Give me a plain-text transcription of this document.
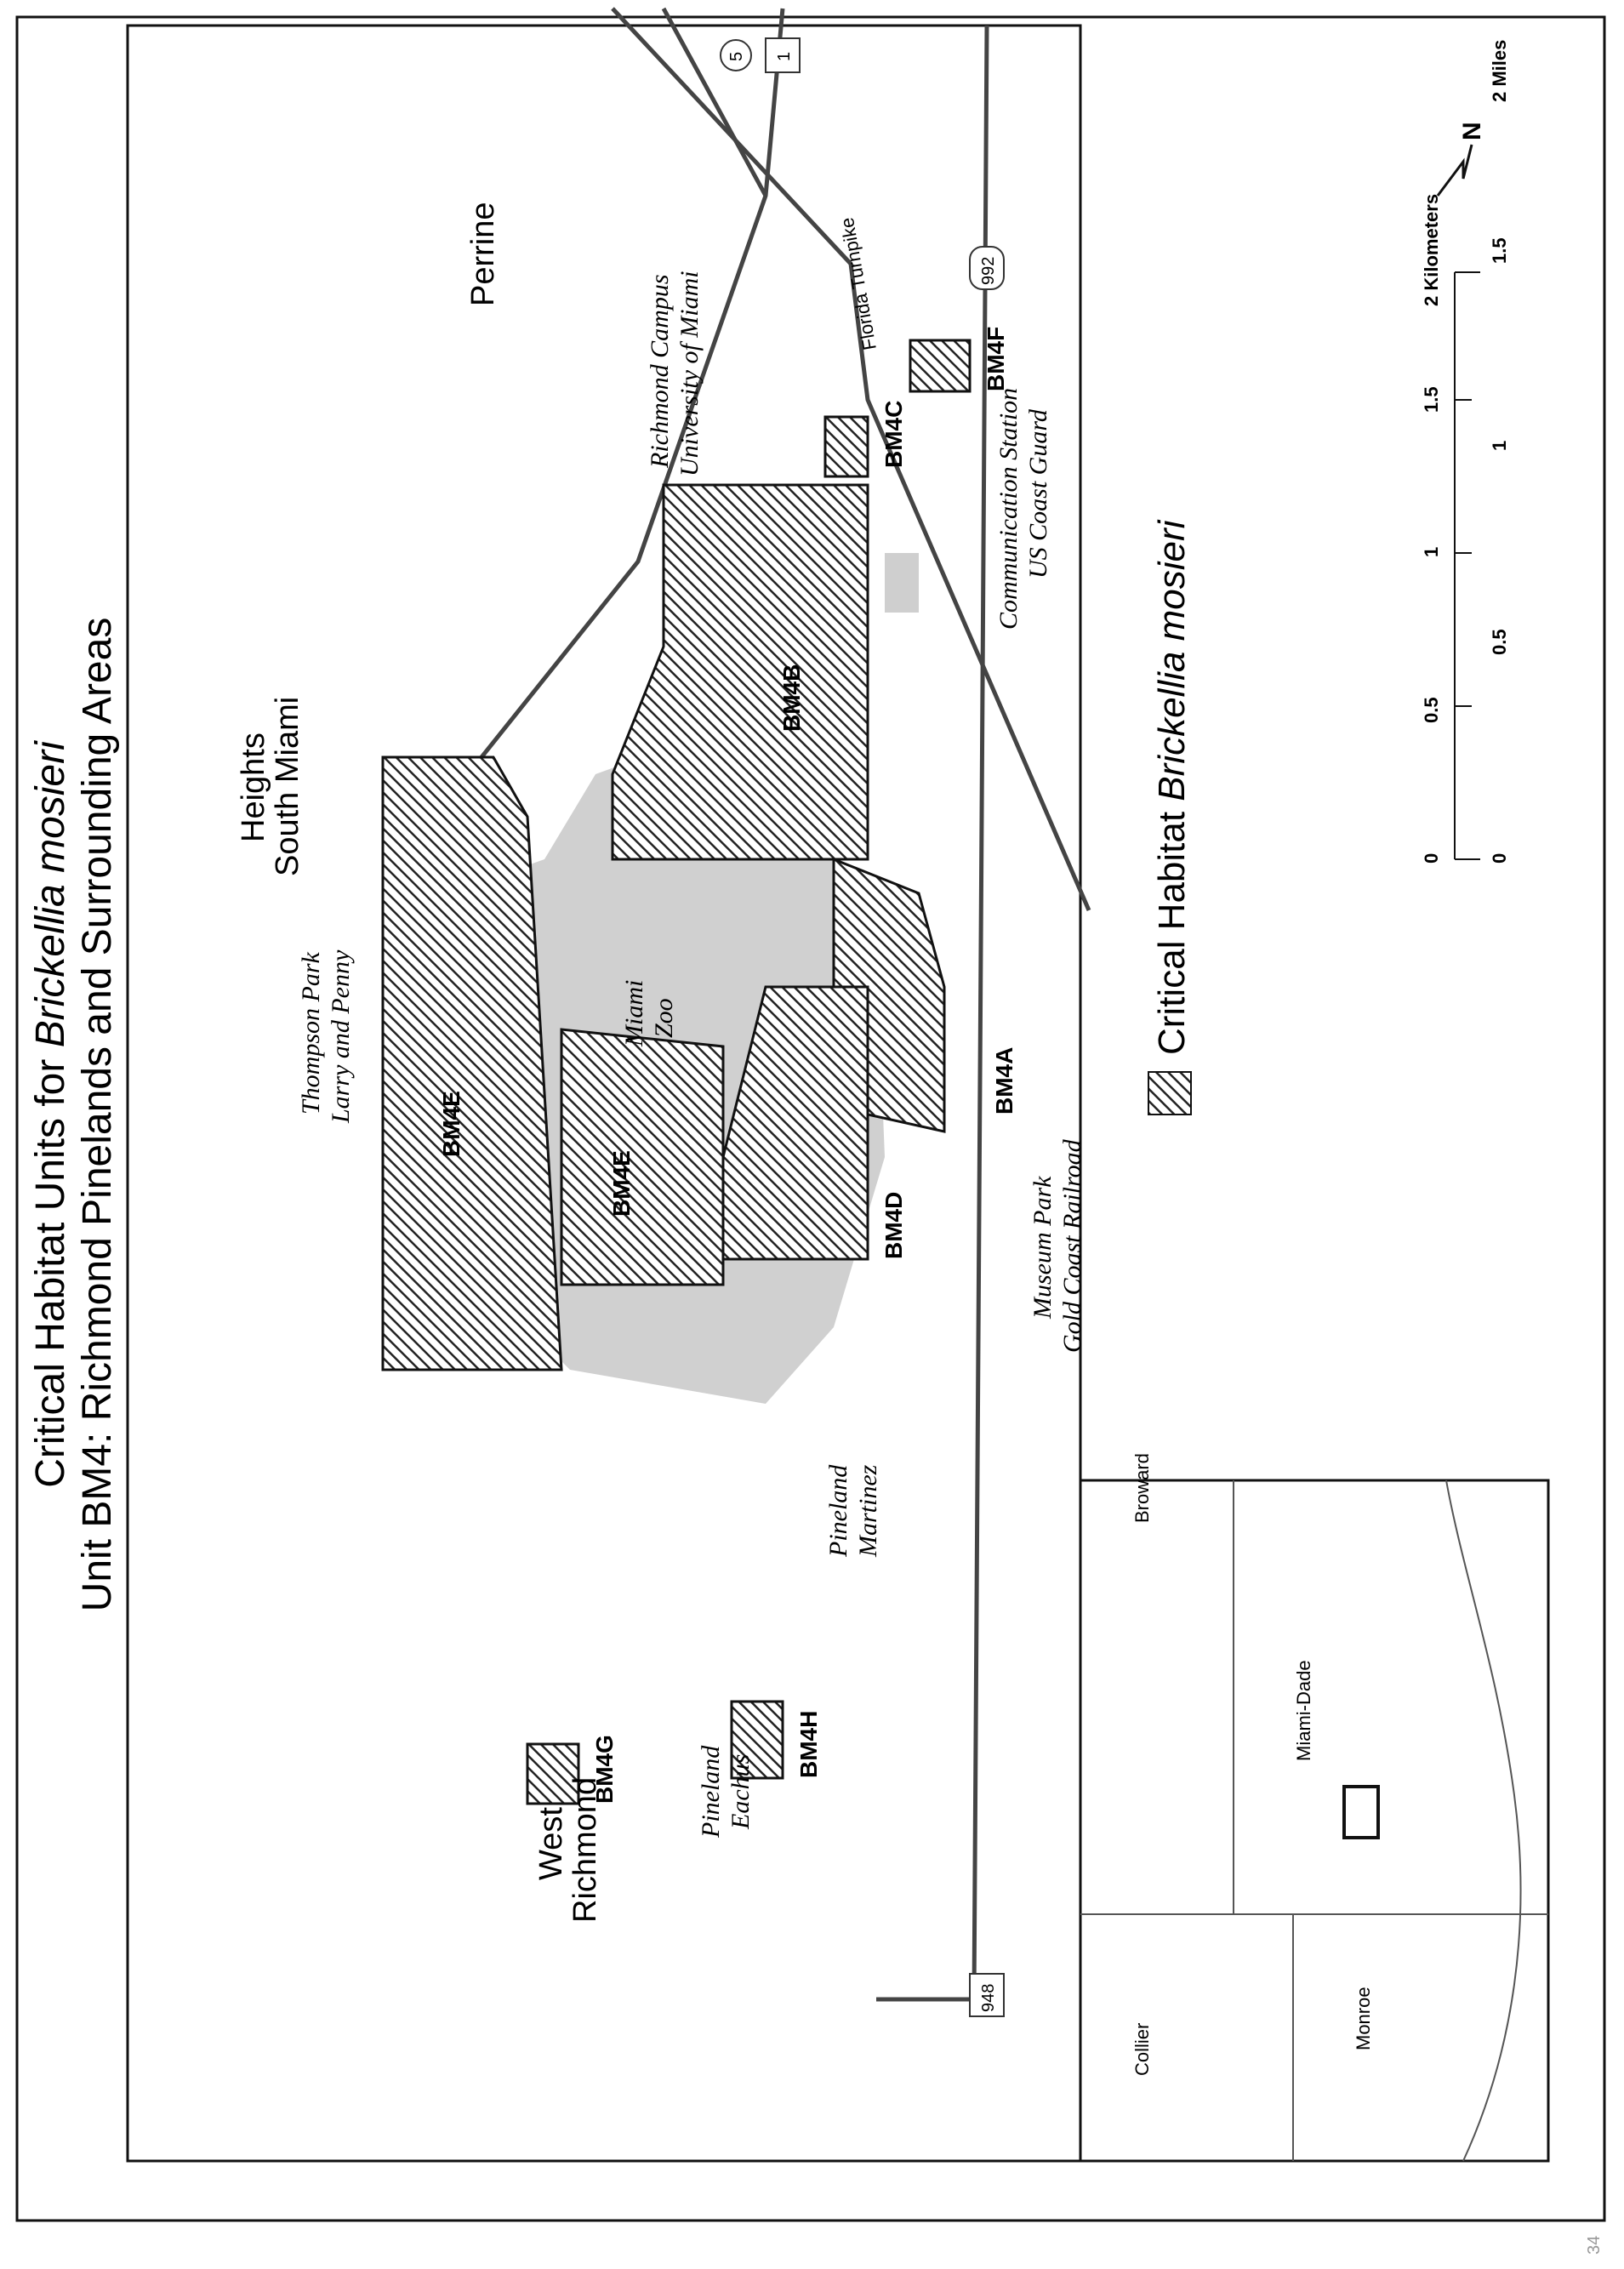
BM4A
BM4B
BM4C
BM4D
BM4E
BM4E
BM4F
BM4G	BM4H
Perrine
South Miami
Heights
Richmond
West
US Coast Guard
Communication Station
University of Miami
Richmond Campus
Zoo
Miami
Gold Coast Railroad
Museum Park
Larry and Penny
Thompson Park
Martinez
Pineland
Eachus
Pineland
Florida Turnpike	992
948
1
5
Critical Habitat Units for Brickellia mosieri Unit BM4: Richmond Pinelands and Surrounding Areas	Critical Habitat Brickellia mosieri
0
0.5
1
1.5
2 Kilometers
0
0.5
1
1.5
2 Miles
N
Broward
Miami-Dade
Collier	Monroe
34
